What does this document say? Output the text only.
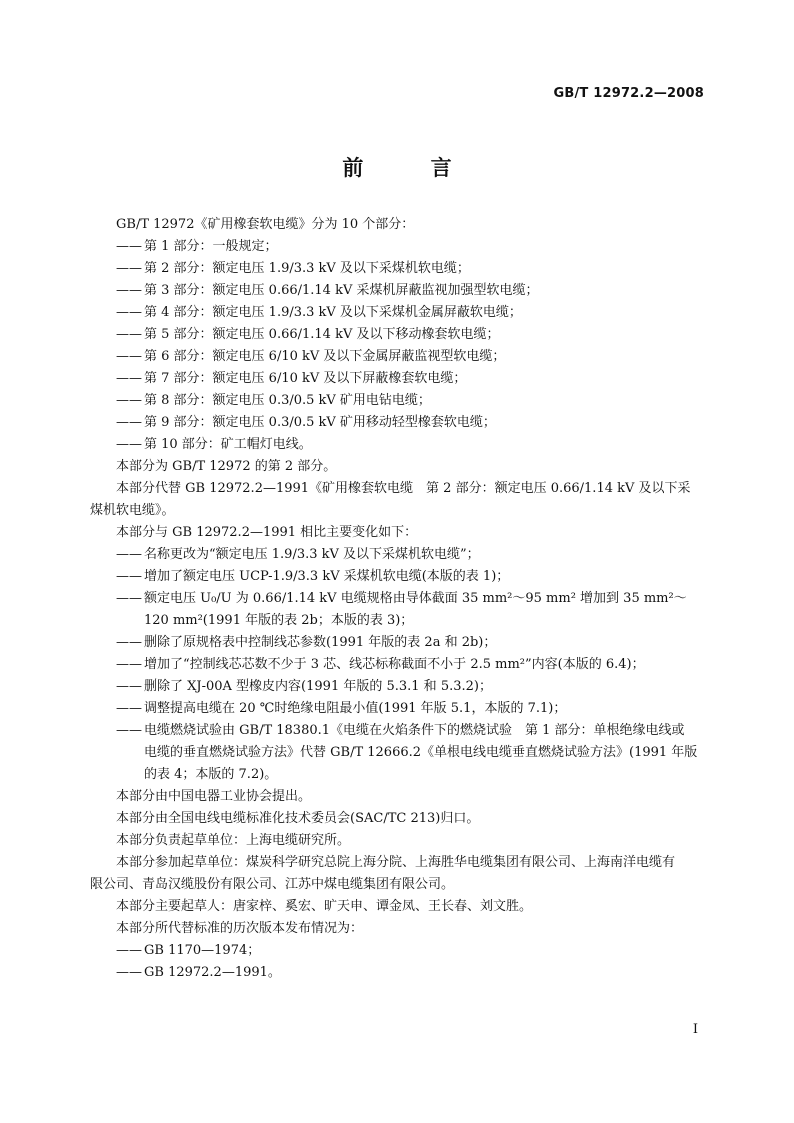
GB/T 12972.2—2008
前 言
GB/T 12972《矿用橡套软电缆》分为 10 个部分：
—— 第 1 部分：一般规定；
—— 第 2 部分：额定电压 1.9/3.3 kV 及以下采煤机软电缆；
—— 第 3 部分：额定电压 0.66/1.14 kV 采煤机屏蔽监视加强型软电缆；
—— 第 4 部分：额定电压 1.9/3.3 kV 及以下采煤机金属屏蔽软电缆；
—— 第 5 部分：额定电压 0.66/1.14 kV 及以下移动橡套软电缆；
—— 第 6 部分：额定电压 6/10 kV 及以下金属屏蔽监视型软电缆；
—— 第 7 部分：额定电压 6/10 kV 及以下屏蔽橡套软电缆；
—— 第 8 部分：额定电压 0.3/0.5 kV 矿用电钻电缆；
—— 第 9 部分：额定电压 0.3/0.5 kV 矿用移动轻型橡套软电缆；
—— 第 10 部分：矿工帽灯电线。
本部分为 GB/T 12972 的第 2 部分。
本部分代替 GB 12972.2—1991《矿用橡套软电缆　第 2 部分：额定电压 0.66/1.14 kV 及以下采
煤机软电缆》。
本部分与 GB 12972.2—1991 相比主要变化如下：
—— 名称更改为“额定电压 1.9/3.3 kV 及以下采煤机软电缆”；
—— 增加了额定电压 UCP-1.9/3.3 kV 采煤机软电缆(本版的表 1)；
—— 额定电压 U₀/U 为 0.66/1.14 kV 电缆规格由导体截面 35 mm²～95 mm² 增加到 35 mm²～
120 mm²(1991 年版的表 2b；本版的表 3)；
—— 删除了原规格表中控制线芯参数(1991 年版的表 2a 和 2b)；
—— 增加了“控制线芯芯数不少于 3 芯、线芯标称截面不小于 2.5 mm²”内容(本版的 6.4)；
—— 删除了 XJ-00A 型橡皮内容(1991 年版的 5.3.1 和 5.3.2)；
—— 调整提高电缆在 20 ℃时绝缘电阻最小值(1991 年版 5.1，本版的 7.1)；
—— 电缆燃烧试验由 GB/T 18380.1《电缆在火焰条件下的燃烧试验　第 1 部分：单根绝缘电线或
电缆的垂直燃烧试验方法》代替 GB/T 12666.2《单根电线电缆垂直燃烧试验方法》(1991 年版
的表 4；本版的 7.2)。
本部分由中国电器工业协会提出。
本部分由全国电线电缆标准化技术委员会(SAC/TC 213)归口。
本部分负责起草单位：上海电缆研究所。
本部分参加起草单位：煤炭科学研究总院上海分院、上海胜华电缆集团有限公司、上海南洋电缆有
限公司、青岛汉缆股份有限公司、江苏中煤电缆集团有限公司。
本部分主要起草人：唐家梓、奚宏、旷天申、谭金凤、王长春、刘文胜。
本部分所代替标准的历次版本发布情况为：
—— GB 1170—1974；
—— GB 12972.2—1991。
I
